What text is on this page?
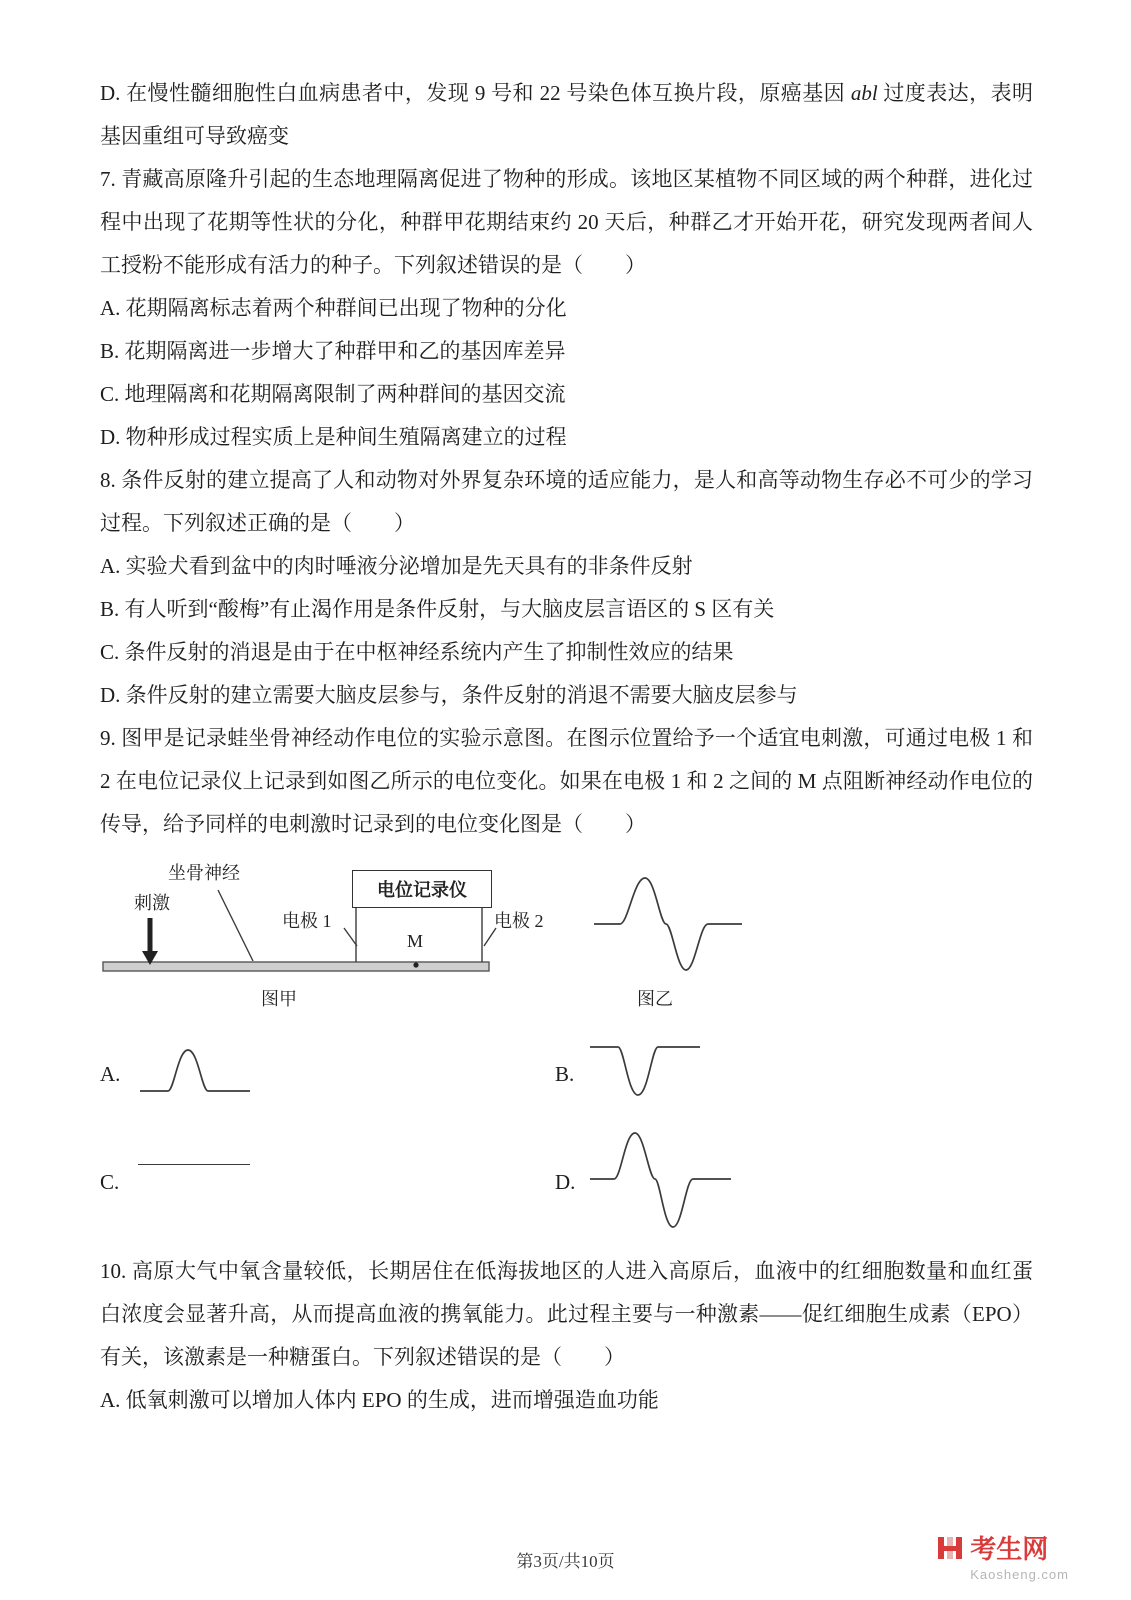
D. 在慢性髓细胞性白血病患者中，发现 9 号和 22 号染色体互换片段，原癌基因 abl 过度表达，表明基因重组可导致癌变

7. 青藏高原隆升引起的生态地理隔离促进了物种的形成。该地区某植物不同区域的两个种群，进化过程中出现了花期等性状的分化，种群甲花期结束约 20 天后，种群乙才开始开花，研究发现两者间人工授粉不能形成有活力的种子。下列叙述错误的是（　　）

A. 花期隔离标志着两个种群间已出现了物种的分化

B. 花期隔离进一步增大了种群甲和乙的基因库差异

C. 地理隔离和花期隔离限制了两种群间的基因交流

D. 物种形成过程实质上是种间生殖隔离建立的过程

8. 条件反射的建立提高了人和动物对外界复杂环境的适应能力，是人和高等动物生存必不可少的学习过程。下列叙述正确的是（　　）

A. 实验犬看到盆中的肉时唾液分泌增加是先天具有的非条件反射

B. 有人听到“酸梅”有止渴作用是条件反射，与大脑皮层言语区的 S 区有关

C. 条件反射的消退是由于在中枢神经系统内产生了抑制性效应的结果

D. 条件反射的建立需要大脑皮层参与，条件反射的消退不需要大脑皮层参与

9. 图甲是记录蛙坐骨神经动作电位的实验示意图。在图示位置给予一个适宜电刺激，可通过电极 1 和 2 在电位记录仪上记录到如图乙所示的电位变化。如果在电极 1 和 2 之间的 M 点阻断神经动作电位的传导，给予同样的电刺激时记录到的电位变化图是（　　）

坐骨神经
刺激
电位记录仪
电极 1	电极 2
M
图甲	图乙
A.	B.
C.	D.

10. 高原大气中氧含量较低，长期居住在低海拔地区的人进入高原后，血液中的红细胞数量和血红蛋白浓度会显著升高，从而提高血液的携氧能力。此过程主要与一种激素——促红细胞生成素（EPO）有关，该激素是一种糖蛋白。下列叙述错误的是（　　）

A. 低氧刺激可以增加人体内 EPO 的生成，进而增强造血功能

第3页/共10页	考生网
Kaosheng.com
